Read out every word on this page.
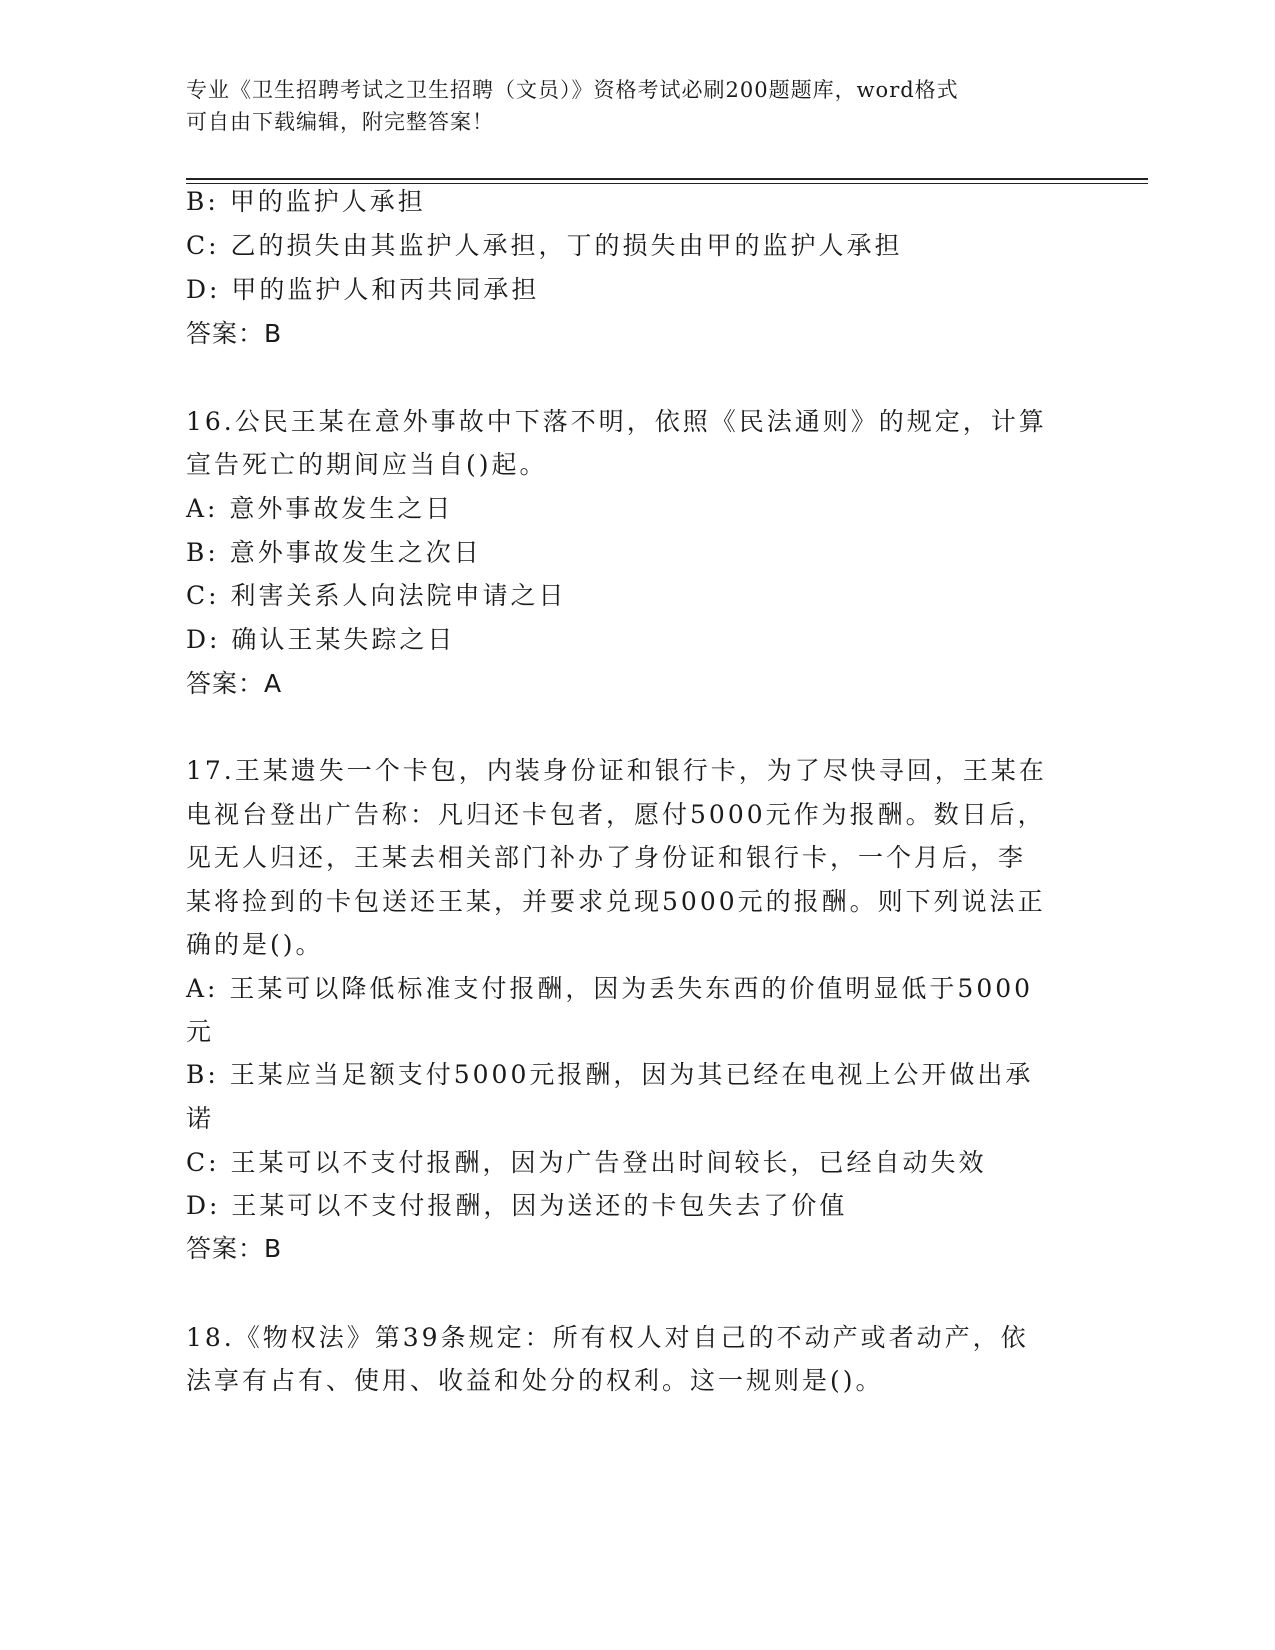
专业《卫生招聘考试之卫生招聘（文员）》资格考试必刷200题题库，word格式
可自由下载编辑，附完整答案！
B: 甲的监护人承担
C: 乙的损失由其监护人承担，丁的损失由甲的监护人承担
D: 甲的监护人和丙共同承担
答案：B
16.公民王某在意外事故中下落不明，依照《民法通则》的规定，计算
宣告死亡的期间应当自()起。
A: 意外事故发生之日
B: 意外事故发生之次日
C: 利害关系人向法院申请之日
D: 确认王某失踪之日
答案：A
17.王某遗失一个卡包，内装身份证和银行卡，为了尽快寻回，王某在
电视台登出广告称：凡归还卡包者，愿付5000元作为报酬。数日后，
见无人归还，王某去相关部门补办了身份证和银行卡，一个月后，李
某将捡到的卡包送还王某，并要求兑现5000元的报酬。则下列说法正
确的是()。
A: 王某可以降低标准支付报酬，因为丢失东西的价值明显低于5000
元
B: 王某应当足额支付5000元报酬，因为其已经在电视上公开做出承
诺
C: 王某可以不支付报酬，因为广告登出时间较长，已经自动失效
D: 王某可以不支付报酬，因为送还的卡包失去了价值
答案：B
18.《物权法》第39条规定：所有权人对自己的不动产或者动产，依
法享有占有、使用、收益和处分的权利。这一规则是()。
